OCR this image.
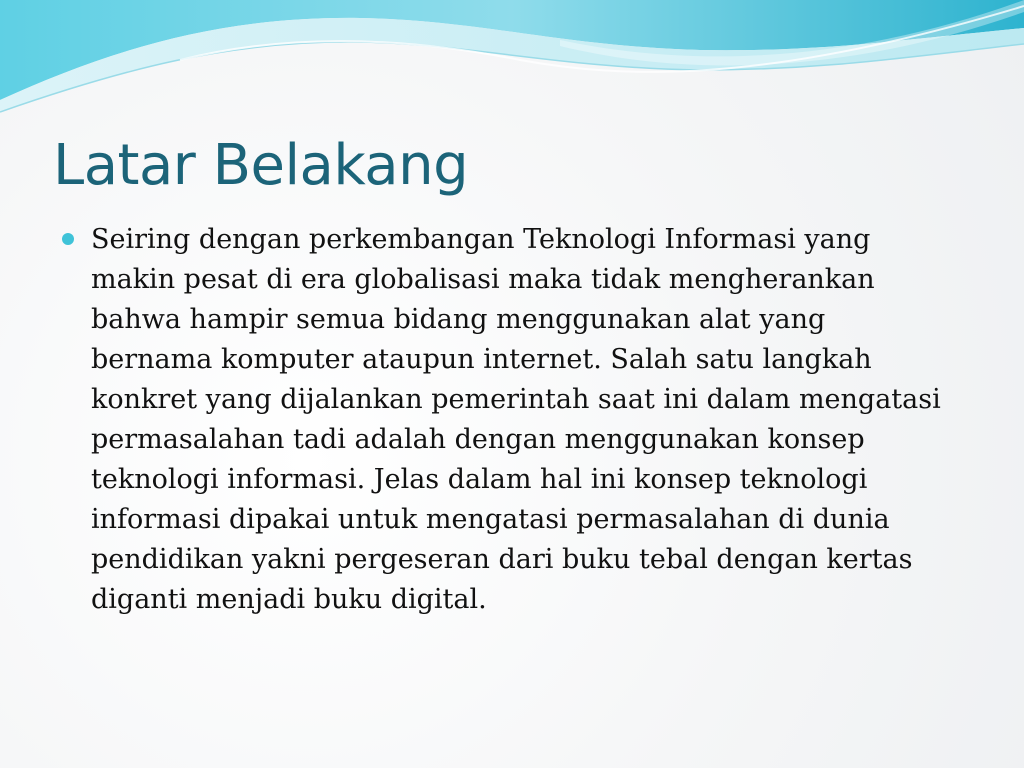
Latar Belakang

Seiring dengan perkembangan Teknologi Informasi yang makin pesat di era globalisasi maka tidak mengherankan bahwa hampir semua bidang menggunakan alat yang bernama komputer ataupun internet. Salah satu langkah konkret yang dijalankan pemerintah saat ini dalam mengatasi permasalahan tadi adalah dengan menggunakan konsep teknologi informasi. Jelas dalam hal ini konsep teknologi informasi dipakai untuk mengatasi permasalahan di dunia pendidikan yakni pergeseran dari buku tebal dengan kertas diganti menjadi buku digital.
